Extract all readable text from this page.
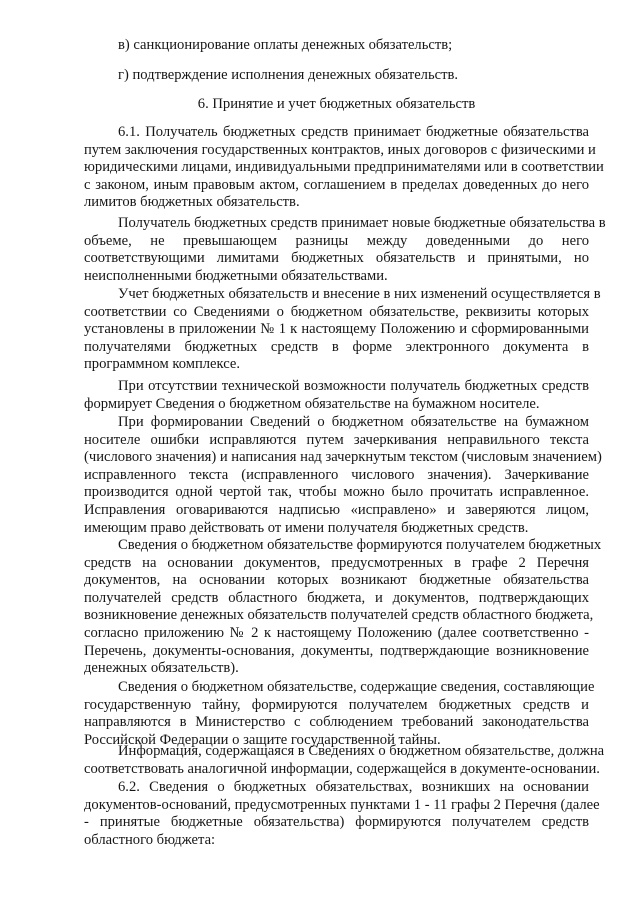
в) санкционирование оплаты денежных обязательств;
г) подтверждение исполнения денежных обязательств.
6. Принятие и учет бюджетных обязательств
6.1. Получатель бюджетных средств принимает бюджетные обязательства
путем заключения государственных контрактов, иных договоров с физическими и
юридическими лицами, индивидуальными предпринимателями или в соответствии
с законом, иным правовым актом, соглашением в пределах доведенных до него
лимитов бюджетных обязательств.
Получатель бюджетных средств принимает новые бюджетные обязательства в
объеме, не превышающем разницы между доведенными до него
соответствующими лимитами бюджетных обязательств и принятыми, но
неисполненными бюджетными обязательствами.
Учет бюджетных обязательств и внесение в них изменений осуществляется в
соответствии со Сведениями о бюджетном обязательстве, реквизиты которых
установлены в приложении № 1 к настоящему Положению и сформированными
получателями бюджетных средств в форме электронного документа в
программном комплексе.
При отсутствии технической возможности получатель бюджетных средств
формирует Сведения о бюджетном обязательстве на бумажном носителе.
При формировании Сведений о бюджетном обязательстве на бумажном
носителе ошибки исправляются путем зачеркивания неправильного текста
(числового значения) и написания над зачеркнутым текстом (числовым значением)
исправленного текста (исправленного числового значения). Зачеркивание
производится одной чертой так, чтобы можно было прочитать исправленное.
Исправления оговариваются надписью «исправлено» и заверяются лицом,
имеющим право действовать от имени получателя бюджетных средств.
Сведения о бюджетном обязательстве формируются получателем бюджетных
средств на основании документов, предусмотренных в графе 2 Перечня
документов, на основании которых возникают бюджетные обязательства
получателей средств областного бюджета, и документов, подтверждающих
возникновение денежных обязательств получателей средств областного бюджета,
согласно приложению № 2 к настоящему Положению (далее соответственно -
Перечень, документы-основания, документы, подтверждающие возникновение
денежных обязательств).
Сведения о бюджетном обязательстве, содержащие сведения, составляющие
государственную тайну, формируются получателем бюджетных средств и
направляются в Министерство с соблюдением требований законодательства
Российской Федерации о защите государственной тайны.
Информация, содержащаяся в Сведениях о бюджетном обязательстве, должна
соответствовать аналогичной информации, содержащейся в документе-основании.
6.2. Сведения о бюджетных обязательствах, возникших на основании
документов-оснований, предусмотренных пунктами 1 - 11 графы 2 Перечня (далее
- принятые бюджетные обязательства) формируются получателем средств
областного бюджета:
